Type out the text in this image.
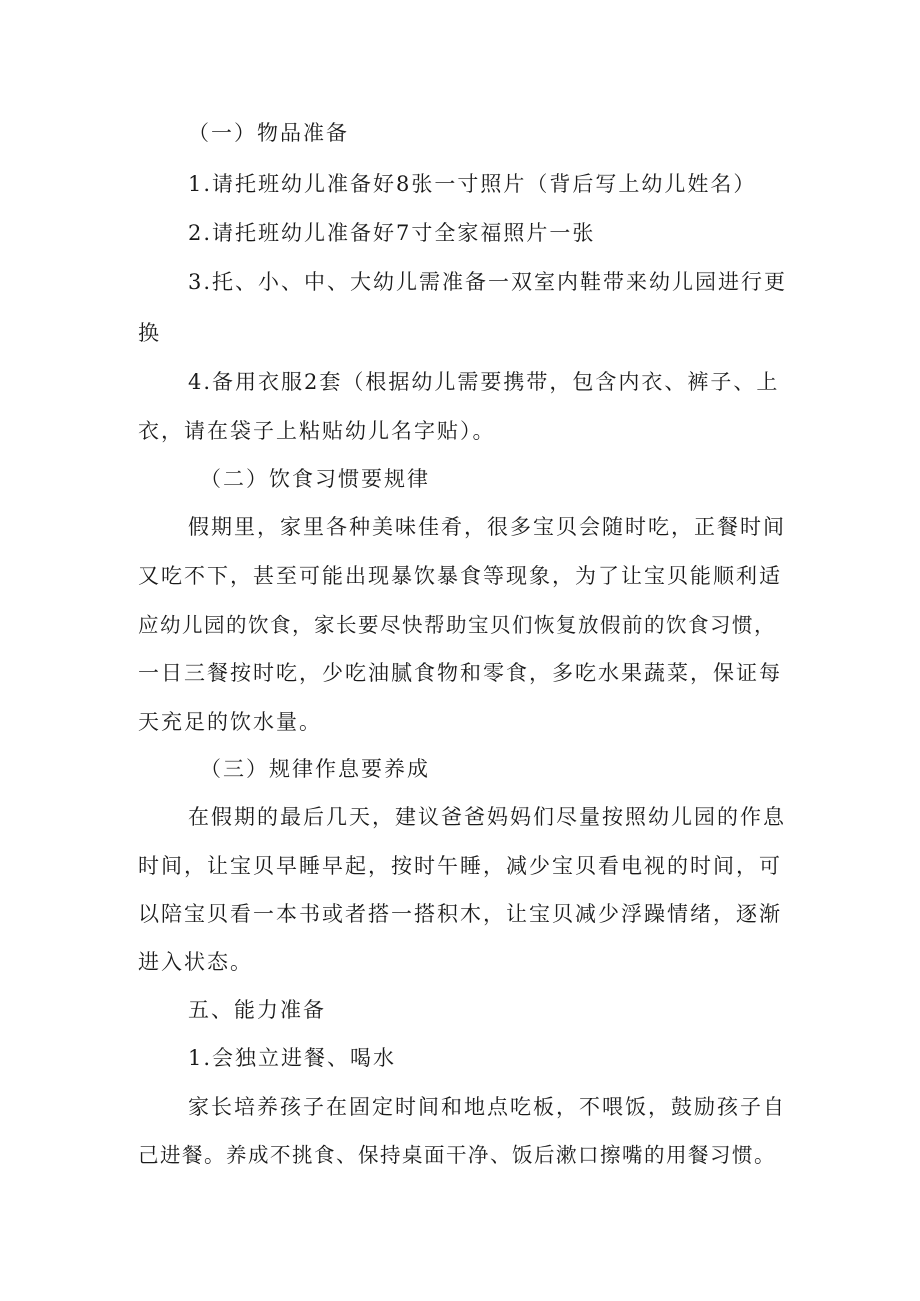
（一）物品准备
1.请托班幼儿准备好8张一寸照片（背后写上幼儿姓名）
2.请托班幼儿准备好7寸全家福照片一张
3.托、小、中、大幼儿需准备一双室内鞋带来幼儿园进行更
换
4.备用衣服2套（根据幼儿需要携带，包含内衣、裤子、上
衣，请在袋子上粘贴幼儿名字贴）。
（二）饮食习惯要规律
假期里，家里各种美味佳肴，很多宝贝会随时吃，正餐时间
又吃不下，甚至可能出现暴饮暴食等现象，为了让宝贝能顺利适
应幼儿园的饮食，家长要尽快帮助宝贝们恢复放假前的饮食习惯，
一日三餐按时吃，少吃油腻食物和零食，多吃水果蔬菜，保证每
天充足的饮水量。
（三）规律作息要养成
在假期的最后几天，建议爸爸妈妈们尽量按照幼儿园的作息
时间，让宝贝早睡早起，按时午睡，减少宝贝看电视的时间，可
以陪宝贝看一本书或者搭一搭积木，让宝贝减少浮躁情绪，逐渐
进入状态。
五、能力准备
1.会独立进餐、喝水
家长培养孩子在固定时间和地点吃板，不喂饭，鼓励孩子自
己进餐。养成不挑食、保持桌面干净、饭后漱口擦嘴的用餐习惯。
